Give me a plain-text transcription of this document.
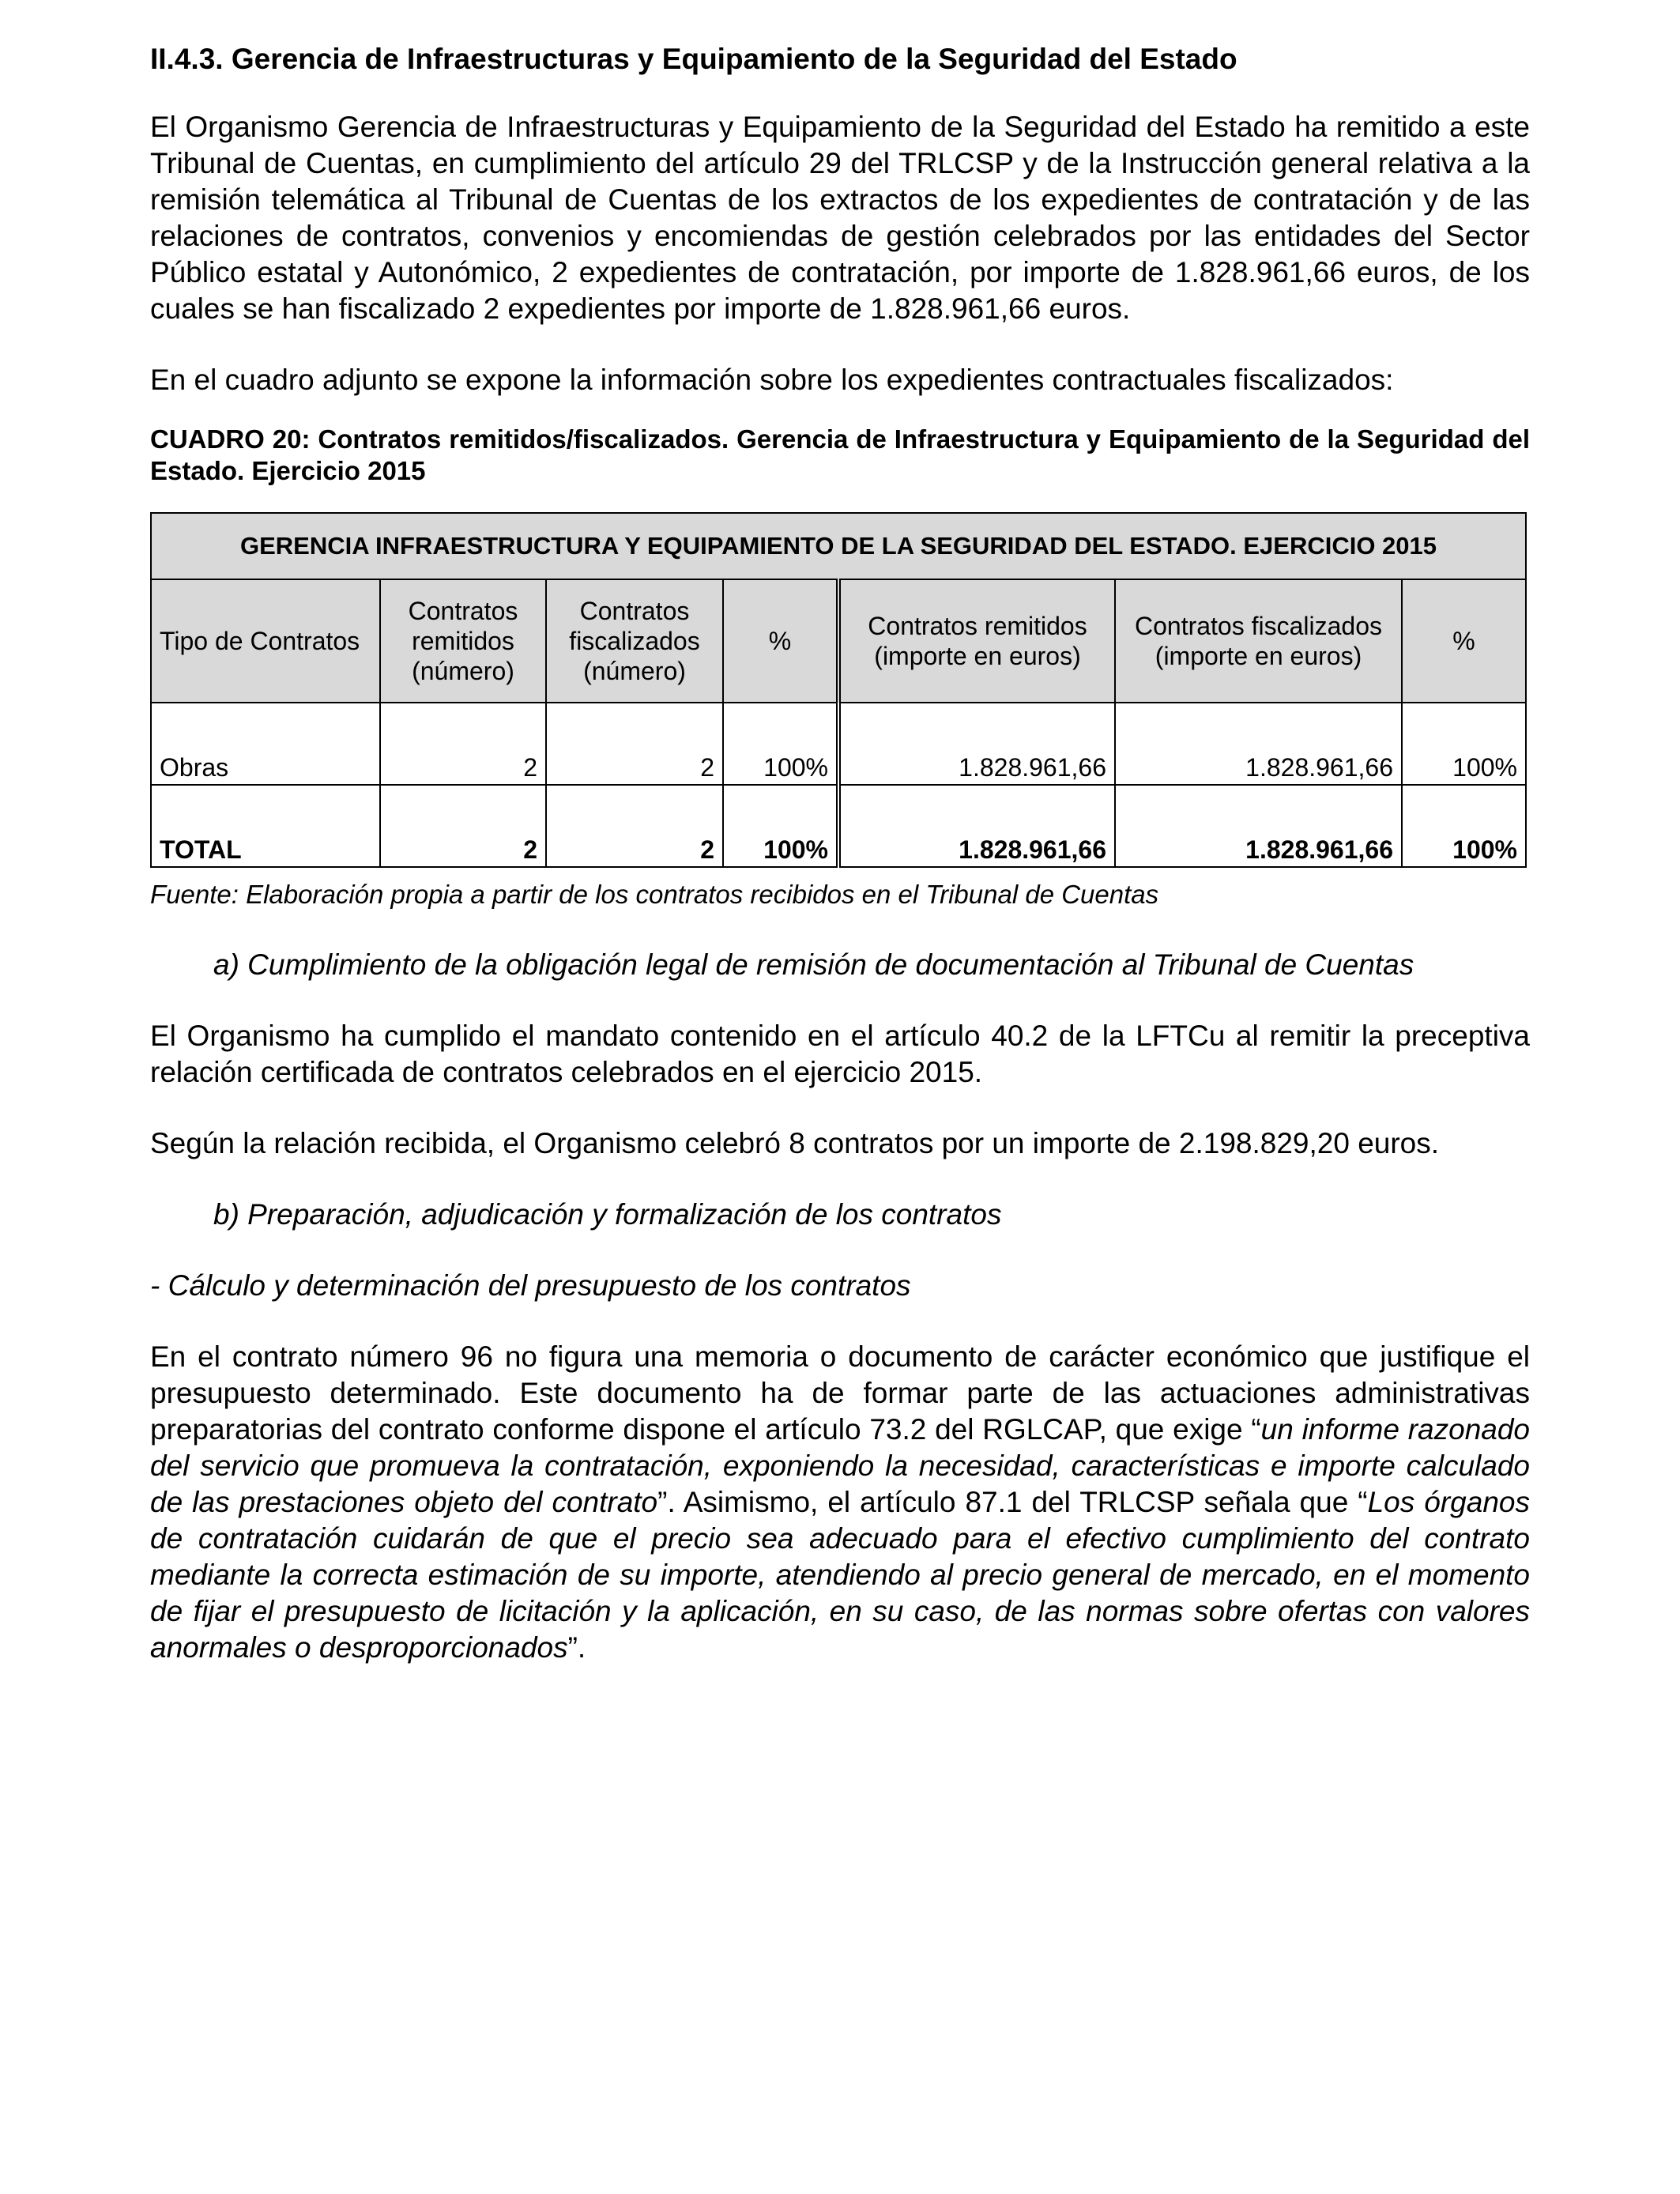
II.4.3. Gerencia de Infraestructuras y Equipamiento de la Seguridad del Estado

El Organismo Gerencia de Infraestructuras y Equipamiento de la Seguridad del Estado ha remitido a este Tribunal de Cuentas, en cumplimiento del artículo 29 del TRLCSP y de la Instrucción general relativa a la remisión telemática al Tribunal de Cuentas de los extractos de los expedientes de contratación y de las relaciones de contratos, convenios y encomiendas de gestión celebrados por las entidades del Sector Público estatal y Autonómico, 2 expedientes de contratación, por importe de 1.828.961,66 euros, de los cuales se han fiscalizado 2 expedientes por importe de 1.828.961,66 euros.

En el cuadro adjunto se expone la información sobre los expedientes contractuales fiscalizados:

CUADRO 20: Contratos remitidos/fiscalizados. Gerencia de Infraestructura y Equipamiento de la Seguridad del Estado. Ejercicio 2015

GERENCIA INFRAESTRUCTURA Y EQUIPAMIENTO DE LA SEGURIDAD DEL ESTADO. EJERCICIO 2015						
Tipo de Contratos	Contratos
remitidos
(número)	Contratos
fiscalizados
(número)	%	Contratos remitidos
(importe en euros)	Contratos fiscalizados
(importe en euros)	%
Obras	2	2	100%	1.828.961,66	1.828.961,66	100%
TOTAL	2	2	100%	1.828.961,66	1.828.961,66	100%

Fuente: Elaboración propia a partir de los contratos recibidos en el Tribunal de Cuentas

a) Cumplimiento de la obligación legal de remisión de documentación al Tribunal de Cuentas

El Organismo ha cumplido el mandato contenido en el artículo 40.2 de la LFTCu al remitir la preceptiva relación certificada de contratos celebrados en el ejercicio 2015.

Según la relación recibida, el Organismo celebró 8 contratos por un importe de 2.198.829,20 euros.

b) Preparación, adjudicación y formalización de los contratos

- Cálculo y determinación del presupuesto de los contratos

En el contrato número 96 no figura una memoria o documento de carácter económico que justifique el presupuesto determinado. Este documento ha de formar parte de las actuaciones administrativas preparatorias del contrato conforme dispone el artículo 73.2 del RGLCAP, que exige “un informe razonado del servicio que promueva la contratación, exponiendo la necesidad, características e importe calculado de las prestaciones objeto del contrato”. Asimismo, el artículo 87.1 del TRLCSP señala que “Los órganos de contratación cuidarán de que el precio sea adecuado para el efectivo cumplimiento del contrato mediante la correcta estimación de su importe, atendiendo al precio general de mercado, en el momento de fijar el presupuesto de licitación y la aplicación, en su caso, de las normas sobre ofertas con valores anormales o desproporcionados”.
